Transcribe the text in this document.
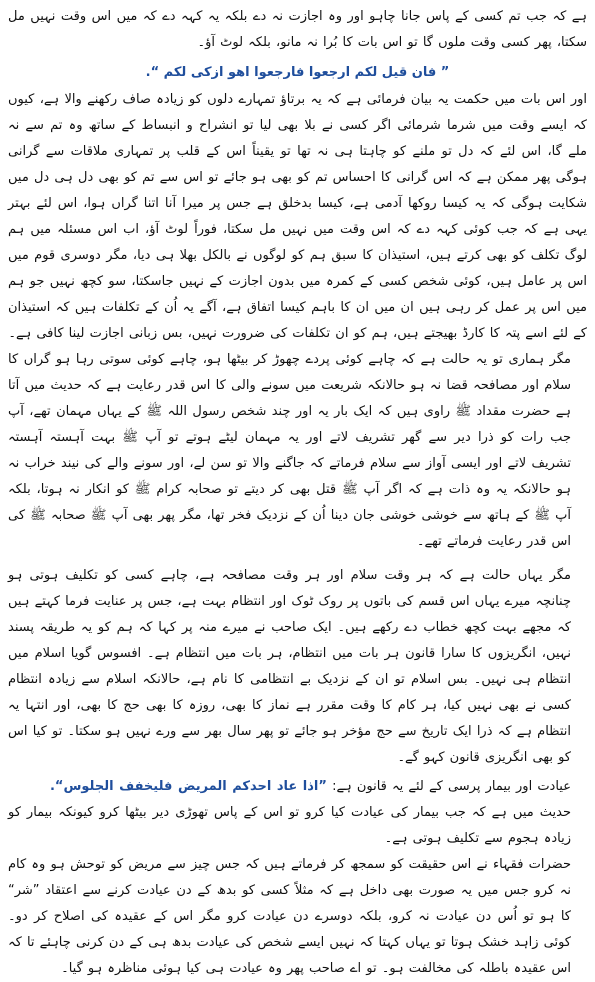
ہے کہ جب تم کسی کے پاس جانا چاہو اور وہ اجازت نہ دے بلکہ یہ کہہ دے کہ میں اس وقت نہیں مل سکتا، پھر کسی وقت ملوں گا تو اس بات کا بُرا نہ مانو، بلکہ لوٹ آؤ۔

” فان قيل لکم ارجعوا فارجعوا اهو ازکی لکم “.

اور اس بات میں حکمت یہ بیان فرمائی ہے کہ یہ برتاؤ تمہارے دلوں کو زیادہ صاف رکھنے والا ہے، کیوں کہ ایسے وقت میں شرما شرمائی اگر کسی نے بلا بھی لیا تو انشراح و انبساط کے ساتھ وہ تم سے نہ ملے گا، اس لئے کہ دل تو ملنے کو چاہتا ہی نہ تھا تو یقیناً اس کے قلب پر تمہاری ملاقات سے گرانی ہوگی پھر ممکن ہے کہ اس گرانی کا احساس تم کو بھی ہو جائے تو اس سے تم کو بھی دل ہی دل میں شکایت ہوگی کہ یہ کیسا روکھا آدمی ہے، کیسا بدخلق ہے جس پر میرا آنا اتنا گراں ہوا، اس لئے بہتر یہی ہے کہ جب کوئی کہہ دے کہ اس وقت میں نہیں مل سکتا، فوراً لوٹ آؤ، اب اس مسئلہ میں ہم لوگ تکلف کو بھی کرتے ہیں، استیذان کا سبق ہم کو لوگوں نے بالکل بھلا ہی دیا، مگر دوسری قوم میں اس پر عامل ہیں، کوئی شخص کسی کے کمرہ میں بدون اجازت کے نہیں جاسکتا، سو کچھ نہیں جو ہم میں اس پر عمل کر رہی ہیں ان میں ان کا باہم کیسا اتفاق ہے، آگے یہ اُن کے تکلفات ہیں کہ استیذان کے لئے اسے پتہ کا کارڈ بھیجتے ہیں، ہم کو ان تکلفات کی ضرورت نہیں، بس زبانی اجازت لینا کافی ہے۔

مگر ہماری تو یہ حالت ہے کہ چاہے کوئی پردے چھوڑ کر بیٹھا ہو، چاہے کوئی سوتی رہا ہو گراں کا سلام اور مصافحہ قضا نہ ہو حالانکہ شریعت میں سونے والی کا اس قدر رعایت ہے کہ حدیث میں آتا ہے حضرت مقداد ﷺ راوی ہیں کہ ایک بار یہ اور چند شخص رسول اللہ ﷺ کے یہاں مہمان تھے، آپ جب رات کو ذرا دیر سے گھر تشریف لاتے اور یہ مہمان لیٹے ہوتے تو آپ ﷺ بہت آہستہ آہستہ تشریف لاتے اور ایسی آواز سے سلام فرماتے کہ جاگنے والا تو سن لے، اور سونے والے کی نیند خراب نہ ہو حالانکہ یہ وہ ذات ہے کہ اگر آپ ﷺ قتل بھی کر دیتے تو صحابہ کرام ﷺ کو انکار نہ ہوتا، بلکہ آپ ﷺ کے ہاتھ سے خوشی خوشی جان دینا اُن کے نزدیک فخر تھا، مگر پھر بھی آپ ﷺ صحابہ ﷺ کی اس قدر رعایت فرماتے تھے۔

مگر یہاں حالت ہے کہ ہر وقت سلام اور ہر وقت مصافحہ ہے، چاہے کسی کو تکلیف ہوتی ہو چنانچہ میرے یہاں اس قسم کی باتوں پر روک ٹوک اور انتظام بہت ہے، جس پر عنایت فرما کہتے ہیں کہ مجھے بہت کچھ خطاب دے رکھے ہیں۔ ایک صاحب نے میرے منہ پر کہا کہ ہم کو یہ طریقہ پسند نہیں، انگریزوں کا سارا قانون ہر بات میں انتظام، ہر بات میں انتظام ہے۔ افسوس گویا اسلام میں انتظام ہی نہیں۔ بس اسلام تو ان کے نزدیک بے انتظامی کا نام ہے، حالانکہ اسلام سے زیادہ انتظام کسی نے بھی نہیں کیا، ہر کام کا وقت مقرر ہے نماز کا بھی، روزہ کا بھی حج کا بھی، اور انتہا یہ انتظام ہے کہ ذرا ایک تاریخ سے حج مؤخر ہو جائے تو پھر سال بھر سے ورے نہیں ہو سکتا۔ تو کیا اس کو بھی انگریزی قانون کہو گے۔

عیادت اور بیمار پرسی کے لئے یہ قانون ہے: ”اذا عاد احدکم المريض فليخفف الجلوس“.

حدیث میں ہے کہ جب بیمار کی عیادت کیا کرو تو اس کے پاس تھوڑی دیر بیٹھا کرو کیونکہ بیمار کو زیادہ ہجوم سے تکلیف ہوتی ہے۔

حضرات فقہاء نے اس حقیقت کو سمجھ کر فرماتے ہیں کہ جس چیز سے مریض کو توحش ہو وہ کام نہ کرو جس میں یہ صورت بھی داخل ہے کہ مثلاً کسی کو بدھ کے دن عیادت کرنے سے اعتقاد ”شر“ کا ہو تو اُس دن عیادت نہ کرو، بلکہ دوسرے دن عیادت کرو مگر اس کے عقیدہ کی اصلاح کر دو۔ کوئی زاہد خشک ہوتا تو یہاں کہتا کہ نہیں ایسے شخص کی عیادت بدھ ہی کے دن کرنی چاہئے تا کہ اس عقیدہ باطلہ کی مخالفت ہو۔ تو اے صاحب پھر وہ عیادت ہی کیا ہوئی مناظرہ ہو گیا۔
